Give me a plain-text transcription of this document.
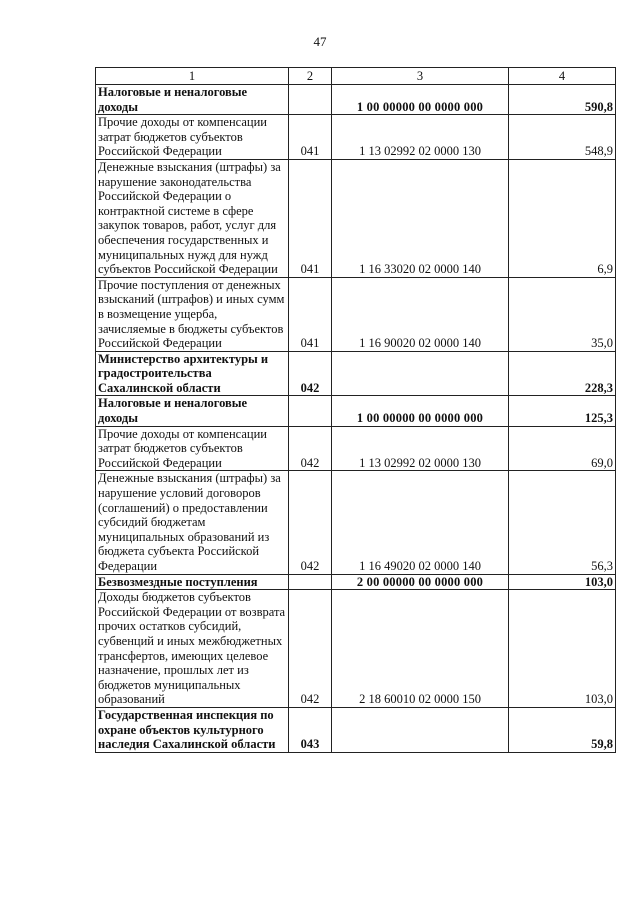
47
1	2	3	4
Налоговые и неналоговые доходы		1 00 00000 00 0000 000	590,8
Прочие доходы от компенсации затрат бюджетов субъектов Российской Федерации	041	1 13 02992 02 0000 130	548,9
Денежные взыскания (штрафы) за нарушение законодательства Российской Федерации о контрактной системе в сфере закупок товаров, работ, услуг для обеспечения государственных и муниципальных нужд для нужд субъектов Российской Федерации	041	1 16 33020 02 0000 140	6,9
Прочие поступления от денежных взысканий (штрафов) и иных сумм в возмещение ущерба, зачисляемые в бюджеты субъектов Российской Федерации	041	1 16 90020 02 0000 140	35,0
Министерство архитектуры и градостроительства Сахалинской области	042		228,3
Налоговые и неналоговые доходы		1 00 00000 00 0000 000	125,3
Прочие доходы от компенсации затрат бюджетов субъектов Российской Федерации	042	1 13 02992 02 0000 130	69,0
Денежные взыскания (штрафы) за нарушение условий договоров (соглашений) о предоставлении субсидий бюджетам муниципальных образований из бюджета субъекта Российской Федерации	042	1 16 49020 02 0000 140	56,3
Безвозмездные поступления		2 00 00000 00 0000 000	103,0
Доходы бюджетов субъектов Российской Федерации от возврата прочих остатков субсидий, субвенций и иных межбюджетных трансфертов, имеющих целевое назначение, прошлых лет из бюджетов муниципальных образований	042	2 18 60010 02 0000 150	103,0
Государственная инспекция по охране объектов культурного наследия Сахалинской области	043		59,8
